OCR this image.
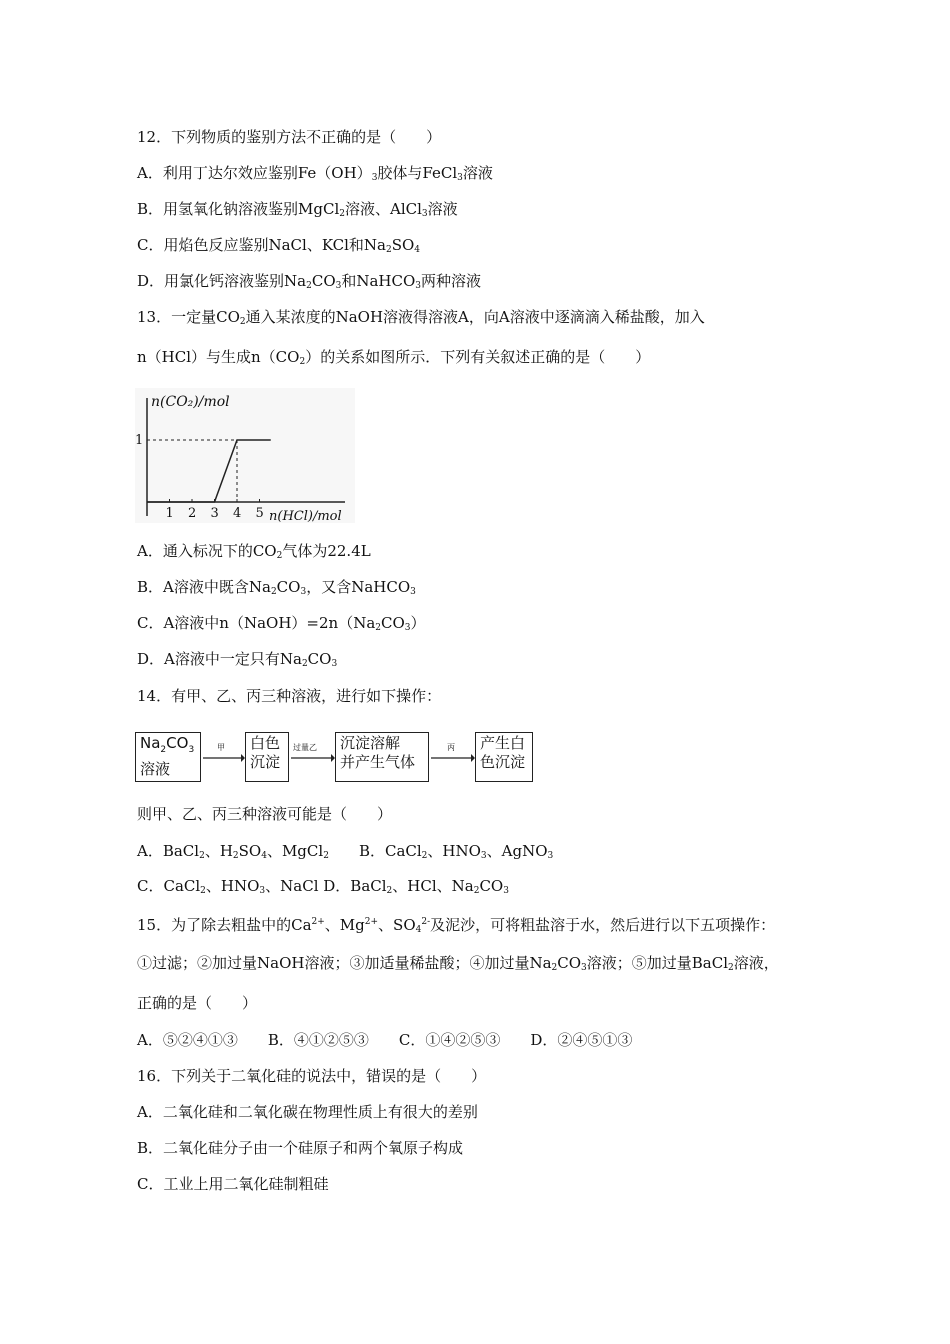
12．下列物质的鉴别方法不正确的是（　　）
A．利用丁达尔效应鉴别$Fe(OH)_3$胶体与FeCl$_3$溶液
B．用氢氧化钠溶液鉴别MgCl$_2$溶液、AlCl$_3$溶液
C．用焰色反应鉴别NaCl、KCl和$Na_2SO_4$
D．用氯化钙溶液鉴别$Na_2CO_3$和NaHCO$_3$两种溶液
13．一定量$CO_2$通入某浓度的NaOH溶液得溶液A，向A溶液中逐滴滴入稀盐酸，加入
n（HCl）与生成$n(CO_2)$的关系如图所示．下列有关叙述正确的是（　　）
n(CO₂)/mol
n(HCl)/mol
1
1 2 3 4 5
A．通入标况下的$CO_2$气体为22.4L
B．A溶液中既含$Na_2CO_3$，又含NaHCO$_3$
C．A溶液中$n(NaOH)=2n(Na_2CO_3)$
D．A溶液中一定只有$Na_2CO_3$
14．有甲、乙、丙三种溶液，进行如下操作：
$Na_2CO_3$
溶液
甲	白色
沉淀
过量乙	沉淀溶解
并产生气体
丙	产生白
色沉淀
则甲、乙、丙三种溶液可能是（　　）
A．BaCl$_2$、$H_2SO_4$、MgCl$_2$　　B．CaCl$_2$、$HNO_3$、AgNO$_3$
C．CaCl$_2$、$HNO_3$、NaCl D．BaCl$_2$、HCl、$Na_2CO_3$
15．为了除去粗盐中的$Ca^{2+}$、$Mg^{2+}$、$SO_4^{2-}$及泥沙，可将粗盐溶于水，然后进行以下五项操作：
①过滤；②加过量NaOH溶液；③加适量稀盐酸；④加过量$Na_2CO_3$溶液；⑤加过量BaCl$_2$溶液，
正确的是（　　）
A．⑤②④①③　　B．④①②⑤③　　C．①④②⑤③　　D．②④⑤①③
16．下列关于二氧化硅的说法中，错误的是（　　）
A．二氧化硅和二氧化碳在物理性质上有很大的差别
B．二氧化硅分子由一个硅原子和两个氧原子构成
C．工业上用二氧化硅制粗硅
